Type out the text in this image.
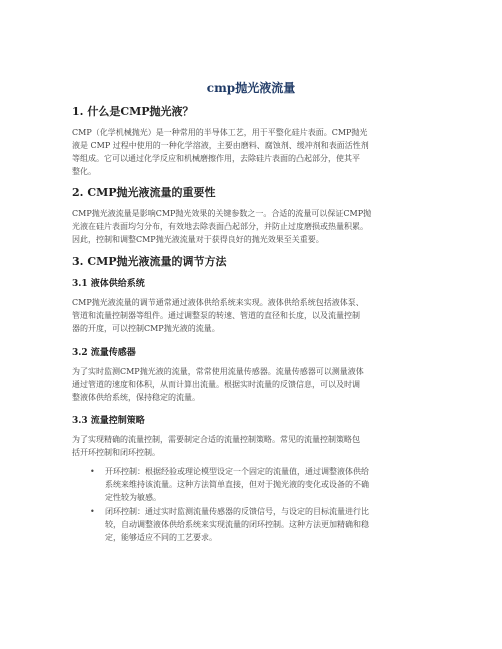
cmp抛光液流量
1. 什么是CMP抛光液？
CMP（化学机械抛光）是一种常用的半导体工艺，用于平整化硅片表面。CMP抛光
液是 CMP 过程中使用的一种化学溶液，主要由磨料、腐蚀剂、缓冲剂和表面活性剂
等组成。它可以通过化学反应和机械磨擦作用，去除硅片表面的凸起部分，使其平
整化。
2. CMP抛光液流量的重要性
CMP抛光液流量是影响CMP抛光效果的关键参数之一。合适的流量可以保证CMP抛
光液在硅片表面均匀分布，有效地去除表面凸起部分，并防止过度磨损或热量积累。
因此，控制和调整CMP抛光液流量对于获得良好的抛光效果至关重要。
3. CMP抛光液流量的调节方法
3.1 液体供给系统
CMP抛光液流量的调节通常通过液体供给系统来实现。液体供给系统包括液体泵、
管道和流量控制器等组件。通过调整泵的转速、管道的直径和长度，以及流量控制
器的开度，可以控制CMP抛光液的流量。
3.2 流量传感器
为了实时监测CMP抛光液的流量，常常使用流量传感器。流量传感器可以测量液体
通过管道的速度和体积，从而计算出流量。根据实时流量的反馈信息，可以及时调
整液体供给系统，保持稳定的流量。
3.3 流量控制策略
为了实现精确的流量控制，需要制定合适的流量控制策略。常见的流量控制策略包
括开环控制和闭环控制。
• 开环控制：根据经验或理论模型设定一个固定的流量值，通过调整液体供给
系统来维持该流量。这种方法简单直接，但对于抛光液的变化或设备的不确
定性较为敏感。
• 闭环控制：通过实时监测流量传感器的反馈信号，与设定的目标流量进行比
较，自动调整液体供给系统来实现流量的闭环控制。这种方法更加精确和稳
定，能够适应不同的工艺要求。
